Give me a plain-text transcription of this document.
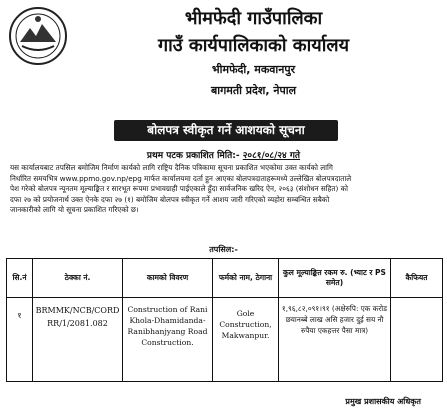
भीमफेदी गाउँपालिका
गाउँ कार्यपालिकाको कार्यालय
भीमफेदी, मकवानपुर
बागमती प्रदेश, नेपाल
बोलपत्र स्वीकृत गर्ने आशयको सूचना
प्रथम पटक प्रकाशित मिति:- २०८१/०८/२४ गते
यस कार्यालयबाट तपसिल बमोजिम निर्माण कार्यको लागि राष्ट्रिय दैनिक पत्रिकामा सूचना प्रकाशित भएकोमा उक्त कार्यको लागि
निर्धारित समयभित्र www.ppmo.gov.np/epg मार्फत कार्यालयमा दर्ता हुन आएका बोलपत्रदाताहरूमध्ये उल्लेखित बोलपत्रदाताले
पेश गरेको बोलपत्र न्यूनतम मूल्याङ्कित र सारभूत रूपमा प्रभावग्राही पाईएकाले हुँदा सार्वजनिक खरिद ऐन, २०६३ (संशोधन सहित) को
दफा २७ को प्रयोजनार्थ उक्त ऐनके दफा २७ (१) बमोजिम बोलपत्र स्वीकृत गर्ने आशय जारी गरिएको व्यहोरा सम्बन्धित सबैको
जानकारीको लागि यो सूचना प्रकाशित गरिएको छ।
तपसिल:-
सि.नं	ठेक्का नं.	कामको विवरण	फर्मको नाम, ठेगाना	कुल मूल्याङ्कित रकम रु. (भ्याट र PS समेत)	कैफियत
१	BRMMK/NCB/CORDRR/1/2081.082	Construction of Rani Khola-Dhamidanda-Ranibhanjyang Road Construction.	Gole Construction, Makwanpur.	१,९६,८२,०९१।९१ (अक्षेरुपि: एक करोड छयानब्बे लाख असि हजार दुई सय नौ रुपैया एकहत्तर पैसा मात्र)	
प्रमुख प्रशासकीय अधिकृत
